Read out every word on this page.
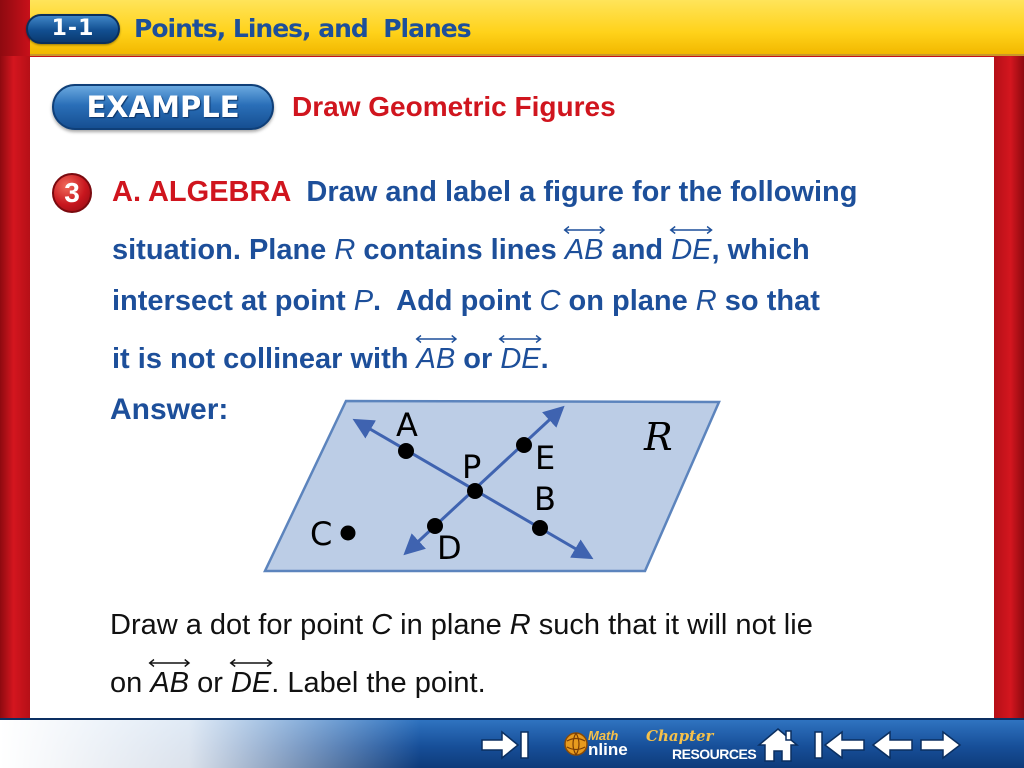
1-1	Points, Lines, and  Planes
EXAMPLE	Draw Geometric Figures
3	A. ALGEBRA Draw and label a figure for the following
situation. Plane R contains lines
AB and
DE, which
intersect at point P.  Add point C on plane R so that
it is not collinear with
AB or
DE.
Answer:	A
E
P
B
D
C
R
Draw a dot for point C in plane R such that it will not lie
on
AB or
DE. Label the point.
Math
nline
Chapter
RESOURCES
